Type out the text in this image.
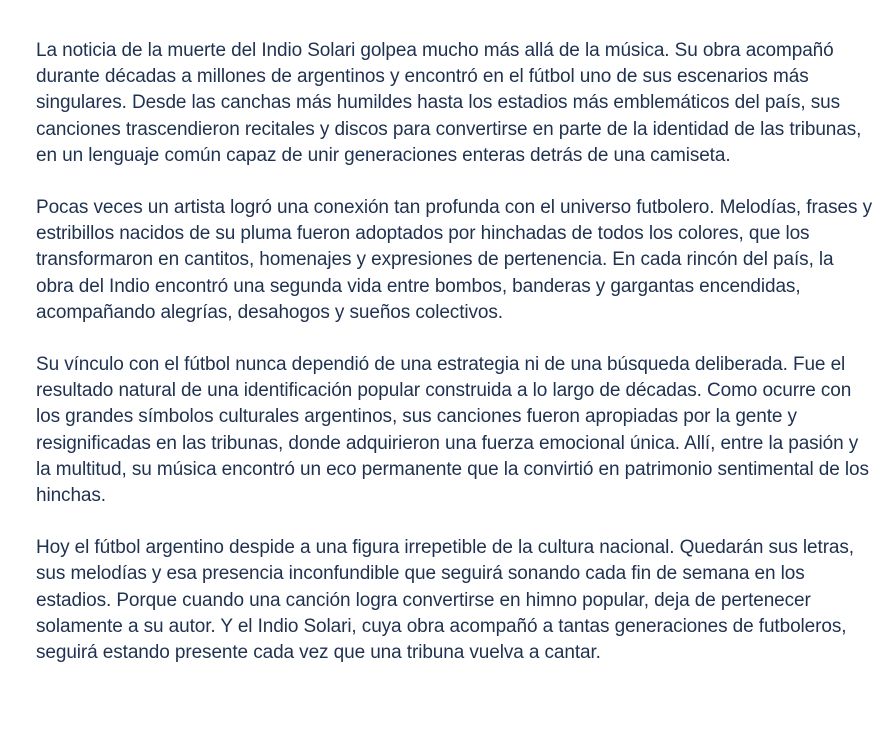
La noticia de la muerte del Indio Solari golpea mucho más allá de la música. Su obra acompañó durante décadas a millones de argentinos y encontró en el fútbol uno de sus escenarios más singulares. Desde las canchas más humildes hasta los estadios más emblemáticos del país, sus canciones trascendieron recitales y discos para convertirse en parte de la identidad de las tribunas, en un lenguaje común capaz de unir generaciones enteras detrás de una camiseta.

Pocas veces un artista logró una conexión tan profunda con el universo futbolero. Melodías, frases y estribillos nacidos de su pluma fueron adoptados por hinchadas de todos los colores, que los transformaron en cantitos, homenajes y expresiones de pertenencia. En cada rincón del país, la obra del Indio encontró una segunda vida entre bombos, banderas y gargantas encendidas, acompañando alegrías, desahogos y sueños colectivos.

Su vínculo con el fútbol nunca dependió de una estrategia ni de una búsqueda deliberada. Fue el resultado natural de una identificación popular construida a lo largo de décadas. Como ocurre con los grandes símbolos culturales argentinos, sus canciones fueron apropiadas por la gente y resignificadas en las tribunas, donde adquirieron una fuerza emocional única. Allí, entre la pasión y la multitud, su música encontró un eco permanente que la convirtió en patrimonio sentimental de los hinchas.

Hoy el fútbol argentino despide a una figura irrepetible de la cultura nacional. Quedarán sus letras, sus melodías y esa presencia inconfundible que seguirá sonando cada fin de semana en los estadios. Porque cuando una canción logra convertirse en himno popular, deja de pertenecer solamente a su autor. Y el Indio Solari, cuya obra acompañó a tantas generaciones de futboleros, seguirá estando presente cada vez que una tribuna vuelva a cantar.
